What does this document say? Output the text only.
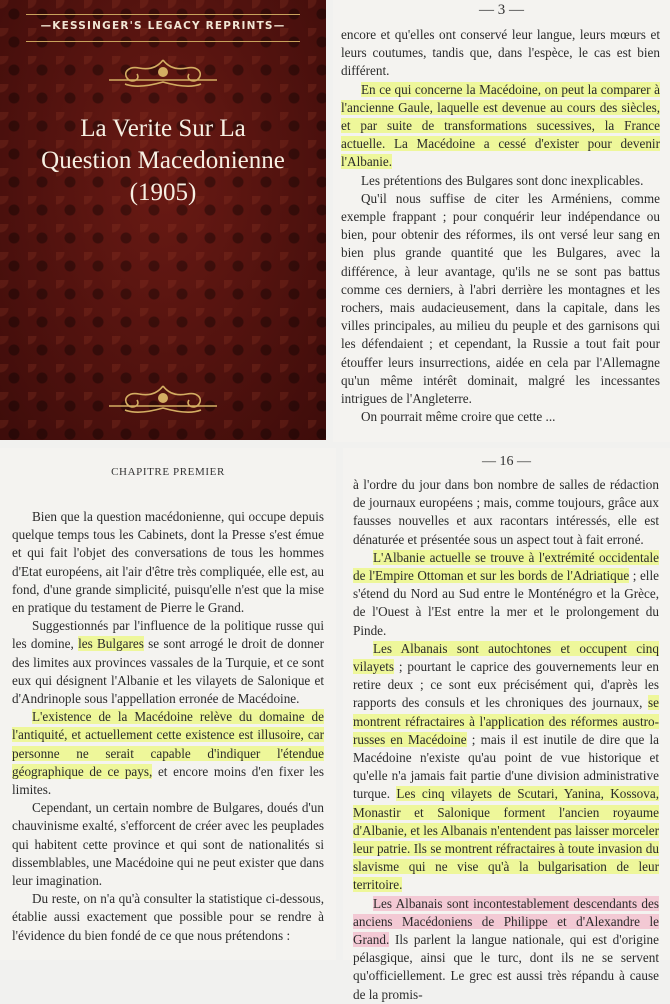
—KESSINGER'S LEGACY REPRINTS—
La Verite Sur La
Question Macedonienne
(1905)
— 3 —

encore et qu'elles ont conservé leur langue, leurs mœurs et leurs coutumes, tandis que, dans l'espèce, le cas est bien différent.

En ce qui concerne la Macédoine, on peut la comparer à l'ancienne Gaule, laquelle est devenue au cours des siècles, et par suite de transformations sucessives, la France actuelle. La Macédoine a cessé d'exister pour devenir l'Albanie.

Les prétentions des Bulgares sont donc inexplicables.

Qu'il nous suffise de citer les Arméniens, comme exemple frappant ; pour conquérir leur indépendance ou bien, pour obtenir des réformes, ils ont versé leur sang en bien plus grande quantité que les Bulgares, avec la différence, à leur avantage, qu'ils ne se sont pas battus comme ces derniers, à l'abri derrière les montagnes et les rochers, mais audacieusement, dans la capitale, dans les villes principales, au milieu du peuple et des garnisons qui les défendaient ; et cependant, la Russie a tout fait pour étouffer leurs insurrections, aidée en cela par l'Allemagne qu'un même intérêt dominait, malgré les incessantes intrigues de l'Angleterre.

On pourrait même croire que cette ...

CHAPITRE PREMIER

Bien que la question macédonienne, qui occupe depuis quelque temps tous les Cabinets, dont la Presse s'est émue et qui fait l'objet des conversations de tous les hommes d'Etat européens, ait l'air d'être très compliquée, elle est, au fond, d'une grande simplicité, puisqu'elle n'est que la mise en pratique du testament de Pierre le Grand.

Suggestionnés par l'influence de la politique russe qui les domine, les Bulgares se sont arrogé le droit de donner des limites aux provinces vassales de la Turquie, et ce sont eux qui désignent l'Albanie et les vilayets de Salonique et d'Andrinople sous l'appellation erronée de Macédoine.

L'existence de la Macédoine relève du domaine de l'antiquité, et actuellement cette existence est illusoire, car personne ne serait capable d'indiquer l'étendue géographique de ce pays, et encore moins d'en fixer les limites.

Cependant, un certain nombre de Bulgares, doués d'un chauvinisme exalté, s'efforcent de créer avec les peuplades qui habitent cette province et qui sont de nationalités si dissemblables, une Macédoine qui ne peut exister que dans leur imagination.

Du reste, on n'a qu'à consulter la statistique ci-dessous, établie aussi exactement que possible pour se rendre à l'évidence du bien fondé de ce que nous prétendons :

— 16 —

à l'ordre du jour dans bon nombre de salles de rédaction de journaux européens ; mais, comme toujours, grâce aux fausses nouvelles et aux racontars intéressés, elle est dénaturée et présentée sous un aspect tout à fait erroné.

L'Albanie actuelle se trouve à l'extrémité occidentale de l'Empire Ottoman et sur les bords de l'Adriatique ; elle s'étend du Nord au Sud entre le Monténégro et la Grèce, de l'Ouest à l'Est entre la mer et le prolongement du Pinde.

Les Albanais sont autochtones et occupent cinq vilayets ; pourtant le caprice des gouvernements leur en retire deux ; ce sont eux précisément qui, d'après les rapports des consuls et les chroniques des journaux, se montrent réfractaires à l'application des réformes austro-russes en Macédoine ; mais il est inutile de dire que la Macédoine n'existe qu'au point de vue historique et qu'elle n'a jamais fait partie d'une division administrative turque. Les cinq vilayets de Scutari, Yanina, Kossova, Monastir et Salonique forment l'ancien royaume d'Albanie, et les Albanais n'entendent pas laisser morceler leur patrie. Ils se montrent réfractaires à toute invasion du slavisme qui ne vise qu'à la bulgarisation de leur territoire.

Les Albanais sont incontestablement descendants des anciens Macédoniens de Philippe et d'Alexandre le Grand. Ils parlent la langue nationale, qui est d'origine pélasgique, ainsi que le turc, dont ils ne se servent qu'officiellement. Le grec est aussi très répandu à cause de la promis-
